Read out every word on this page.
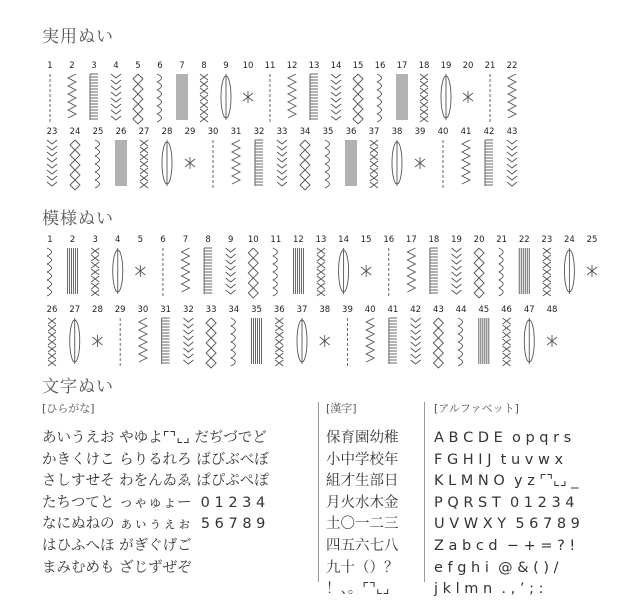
実用ぬい
1 2 3 4 5 6 7 8 9 10 11 12 13 14 15 16 17 18 19 20 21 22
23 24 25 26 27 28 29 30 31 32 33 34 35 36 37 38 39 40 41 42 43
模様ぬい
1 2 3 4 5 6 7 8 9 10 11 12 13 14 15 16 17 18 19 20 21 22 23 24 25
26 27 28 29 30 31 32 33 34 35 36 37 38 39 40 41 42 43 44 45 46 47 48
文字ぬい
[ひらがな]
あいうえお やゆよ⌜⌝⌞⌟ だぢづでど
かきくけこ らりるれろ ばびぶべぼ
さしすせそ わをんゐゑ ぱぴぷぺぽ
たちつてと っゃゅょー  0 1 2 3 4
なにぬねの ぁぃぅぇぉ  5 6 7 8 9
はひふへほ がぎぐげご
まみむめも ざじずぜぞ
[漢字]
保育園幼稚
小中学校年
組才生部日
月火水木金
土〇一二三
四五六七八
九十（）？
！、。⌜⌝⌞⌟
[アルファベット]
A B C D E  o p q r s
F G H I J  t u v w x
K L M N O  y z ⌜⌝⌞⌟ _
P Q R S T  0 1 2 3 4
U V W X Y  5 6 7 8 9
Z a b c d  − + = ? !
e f g h i  @ & ( ) /
j k l m n  . , ’ ; :
